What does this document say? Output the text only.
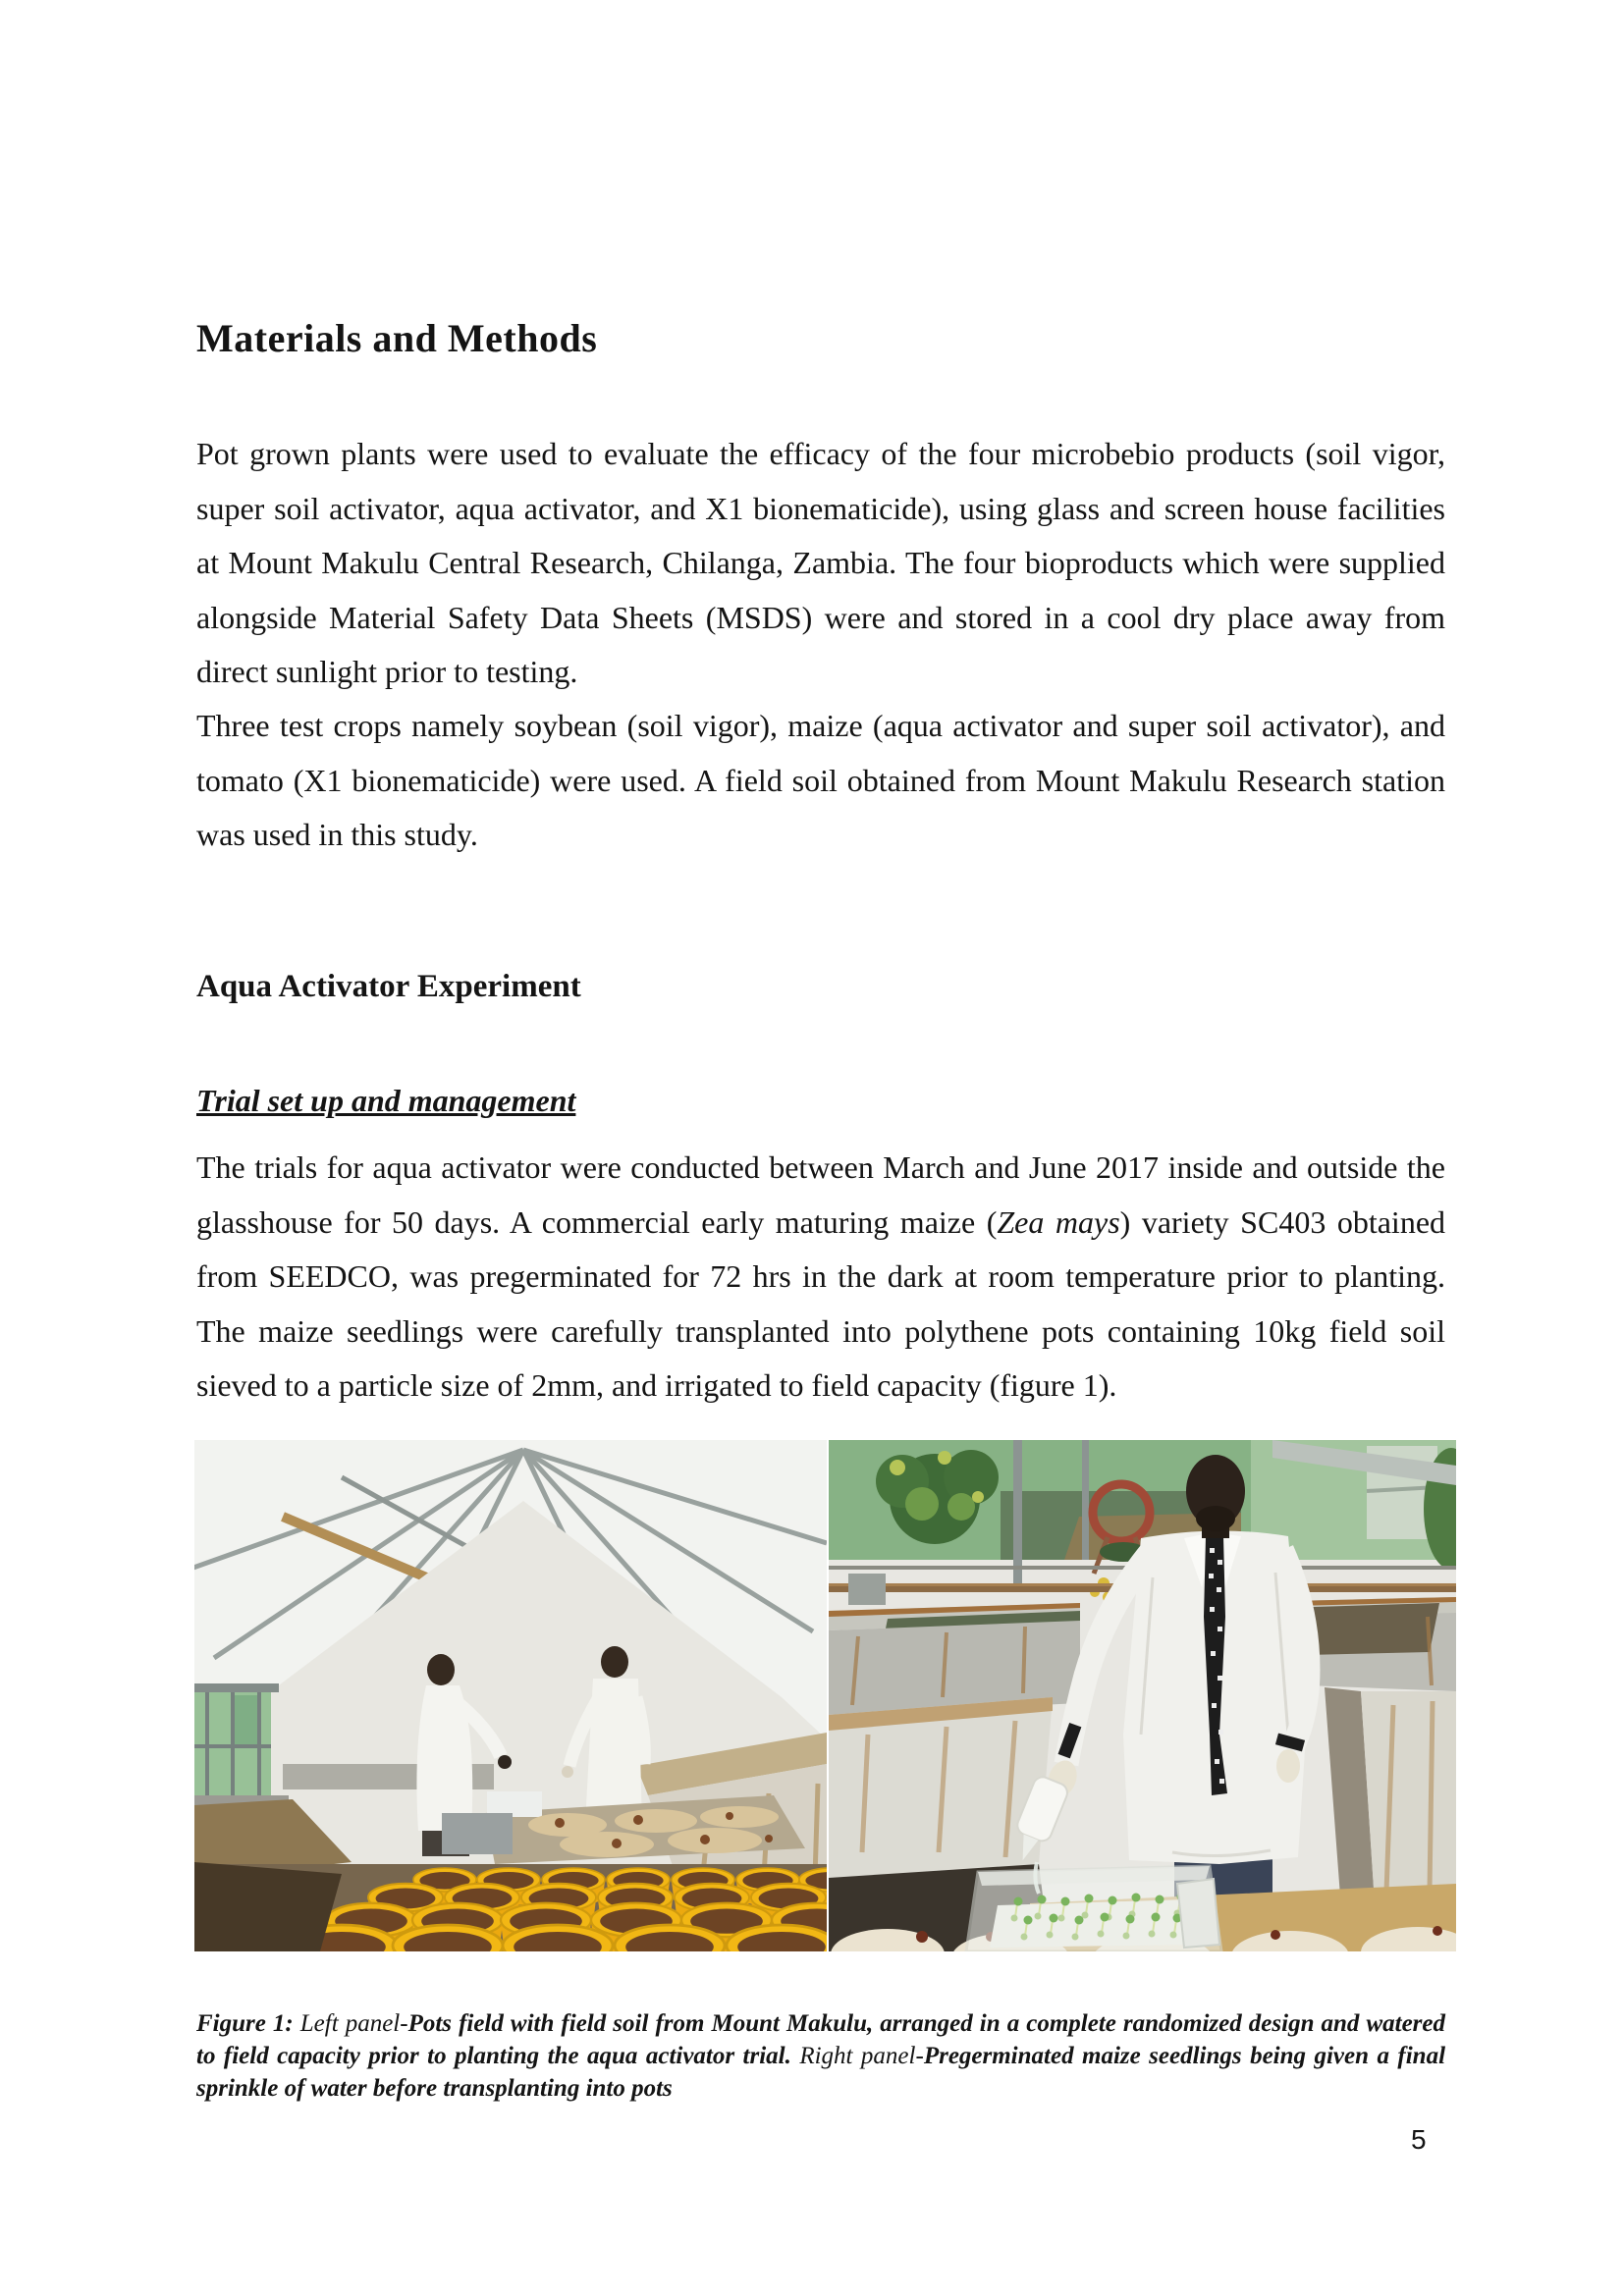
Materials and Methods

Pot grown plants were used to evaluate the efficacy of the four microbebio products (soil vigor, super soil activator, aqua activator, and X1 bionematicide), using glass and screen house facilities at Mount Makulu Central Research, Chilanga, Zambia. The four bioproducts which were supplied alongside Material Safety Data Sheets (MSDS) were and stored in a cool dry place away from direct sunlight prior to testing.

Three test crops namely soybean (soil vigor), maize (aqua activator and super soil activator), and tomato (X1 bionematicide) were used. A field soil obtained from Mount Makulu Research station was used in this study.

Aqua Activator Experiment
Trial set up and management

The trials for aqua activator were conducted between March and June 2017 inside and outside the glasshouse for 50 days. A commercial early maturing maize (Zea mays) variety SC403 obtained from SEEDCO, was pregerminated for 72 hrs in the dark at room temperature prior to planting. The maize seedlings were carefully transplanted into polythene pots containing 10kg field soil sieved to a particle size of 2mm, and irrigated to field capacity (figure 1).

Figure 1: Left panel-Pots field with field soil from Mount Makulu, arranged in a complete randomized design and watered to field capacity prior to planting the aqua activator trial. Right panel-Pregerminated maize seedlings being given a final sprinkle of water before transplanting into pots

5
